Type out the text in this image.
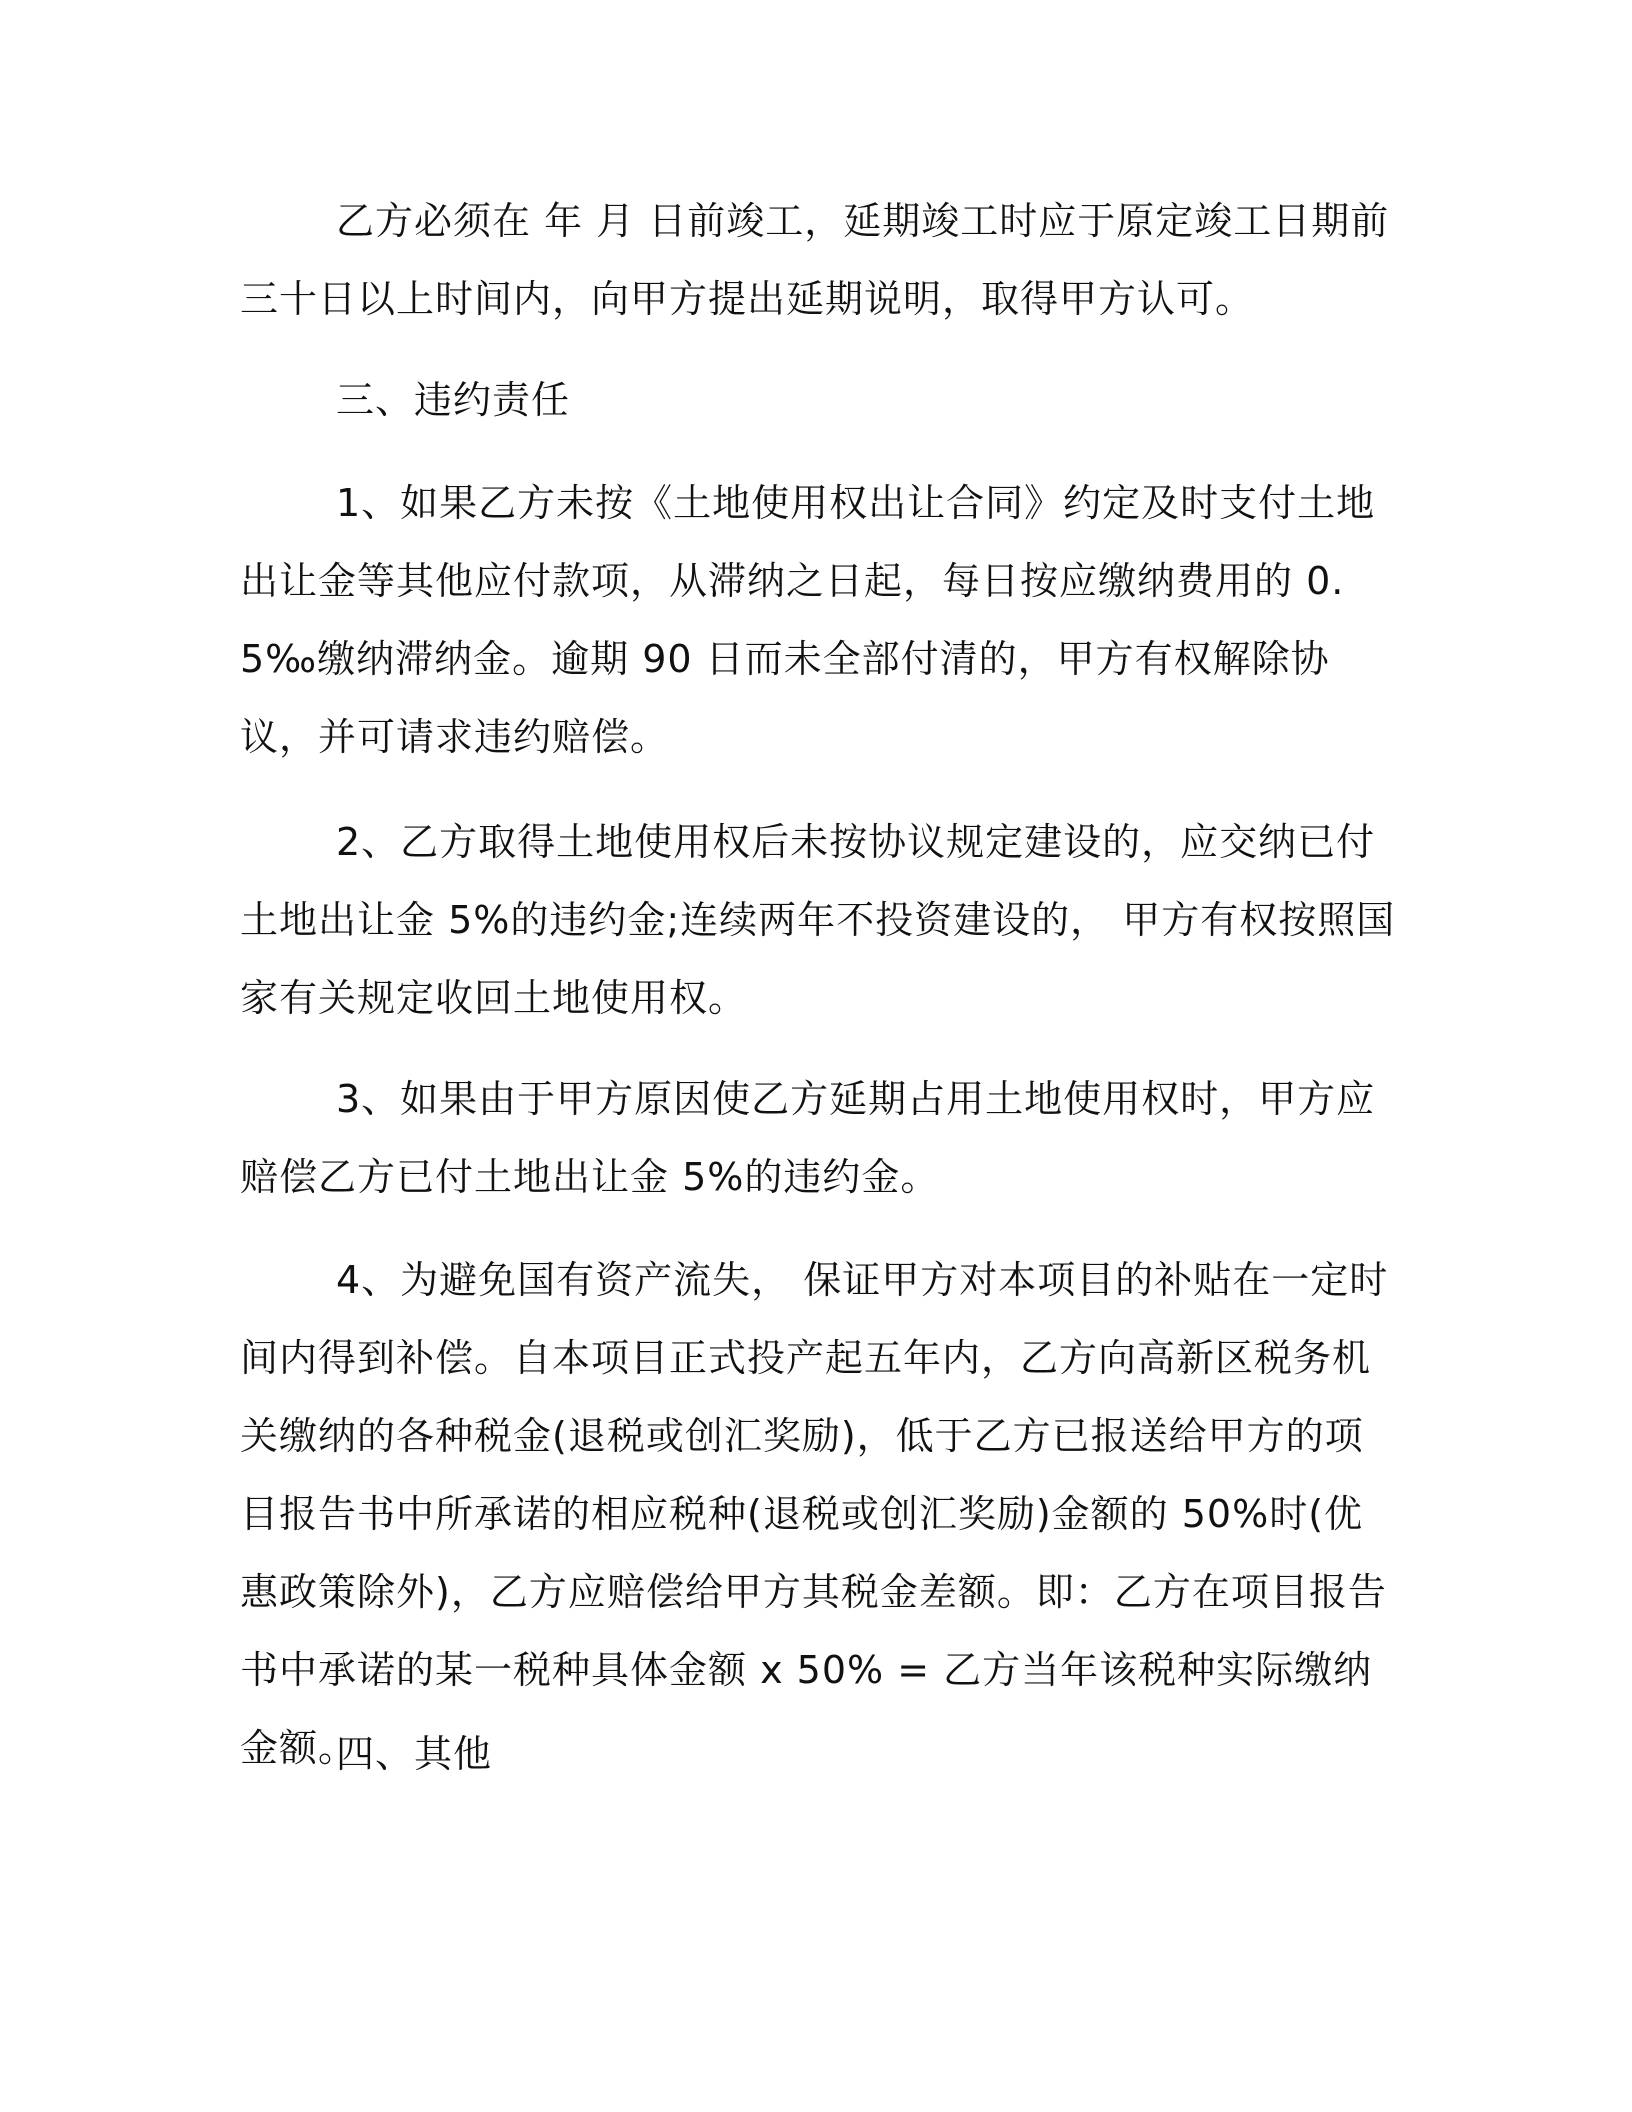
乙方必须在 年 月 日前竣工，延期竣工时应于原定竣工日期前三十日以上时间内，向甲方提出延期说明，取得甲方认可。
三、违约责任
1、如果乙方未按《土地使用权出让合同》约定及时支付土地出让金等其他应付款项，从滞纳之日起，每日按应缴纳费用的 0.5‰缴纳滞纳金。逾期 90 日而未全部付清的，甲方有权解除协议，并可请求违约赔偿。
2、乙方取得土地使用权后未按协议规定建设的，应交纳已付土地出让金 5%的违约金;连续两年不投资建设的， 甲方有权按照国家有关规定收回土地使用权。
3、如果由于甲方原因使乙方延期占用土地使用权时，甲方应赔偿乙方已付土地出让金 5%的违约金。
4、为避免国有资产流失， 保证甲方对本项目的补贴在一定时间内得到补偿。自本项目正式投产起五年内，乙方向高新区税务机关缴纳的各种税金(退税或创汇奖励)，低于乙方已报送给甲方的项目报告书中所承诺的相应税种(退税或创汇奖励)金额的 50%时(优惠政策除外)，乙方应赔偿给甲方其税金差额。即：乙方在项目报告书中承诺的某一税种具体金额 x 50% = 乙方当年该税种实际缴纳金额。
四、其他
